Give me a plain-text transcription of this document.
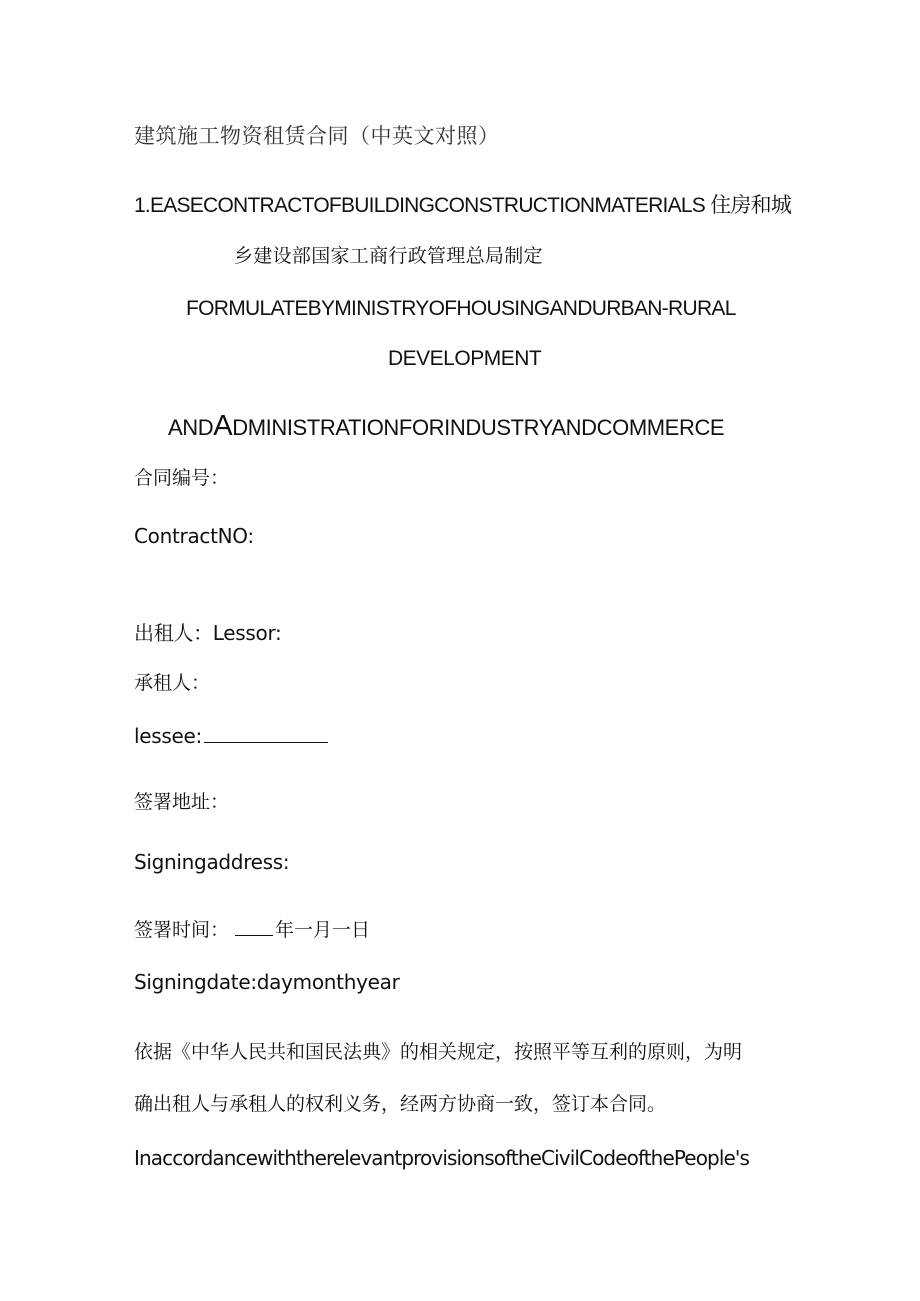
建筑施工物资租赁合同（中英文对照）
1.EASECONTRACTOFBUILDINGCONSTRUCTIONMATERIALS 住房和城
乡建设部国家工商行政管理总局制定
FORMULATEBYMINISTRYOFHOUSINGANDURBAN-RURAL
DEVELOPMENT
ANDADMINISTRATIONFORINDUSTRYANDCOMMERCE
合同编号：
ContractNO:
出租人：Lessor:
承租人：
lessee:
签署地址：
Signingaddress:
签署时间： 年一月一日
Signingdate:daymonthyear
依据《中华人民共和国民法典》的相关规定，按照平等互利的原则，为明
确出租人与承租人的权利义务，经两方协商一致，签订本合同。
InaccordancewiththerelevantprovisionsoftheCivilCodeofthePeople's
